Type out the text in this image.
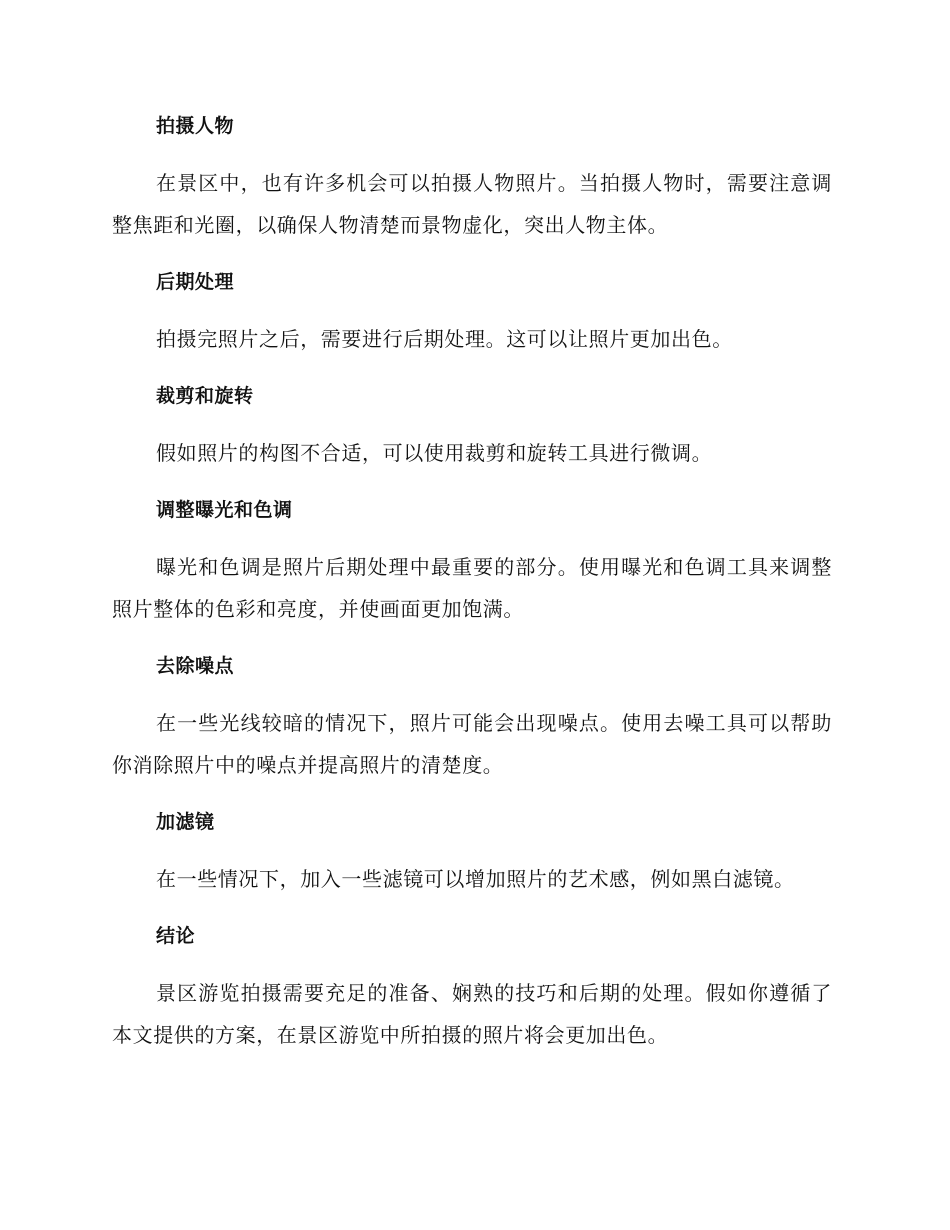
拍摄人物

在景区中，也有许多机会可以拍摄人物照片。当拍摄人物时，需要注意调整焦距和光圈，以确保人物清楚而景物虚化，突出人物主体。

后期处理

拍摄完照片之后，需要进行后期处理。这可以让照片更加出色。

裁剪和旋转

假如照片的构图不合适，可以使用裁剪和旋转工具进行微调。

调整曝光和色调

曝光和色调是照片后期处理中最重要的部分。使用曝光和色调工具来调整照片整体的色彩和亮度，并使画面更加饱满。

去除噪点

在一些光线较暗的情况下，照片可能会出现噪点。使用去噪工具可以帮助你消除照片中的噪点并提高照片的清楚度。

加滤镜

在一些情况下，加入一些滤镜可以增加照片的艺术感，例如黑白滤镜。

结论

景区游览拍摄需要充足的准备、娴熟的技巧和后期的处理。假如你遵循了本文提供的方案，在景区游览中所拍摄的照片将会更加出色。
